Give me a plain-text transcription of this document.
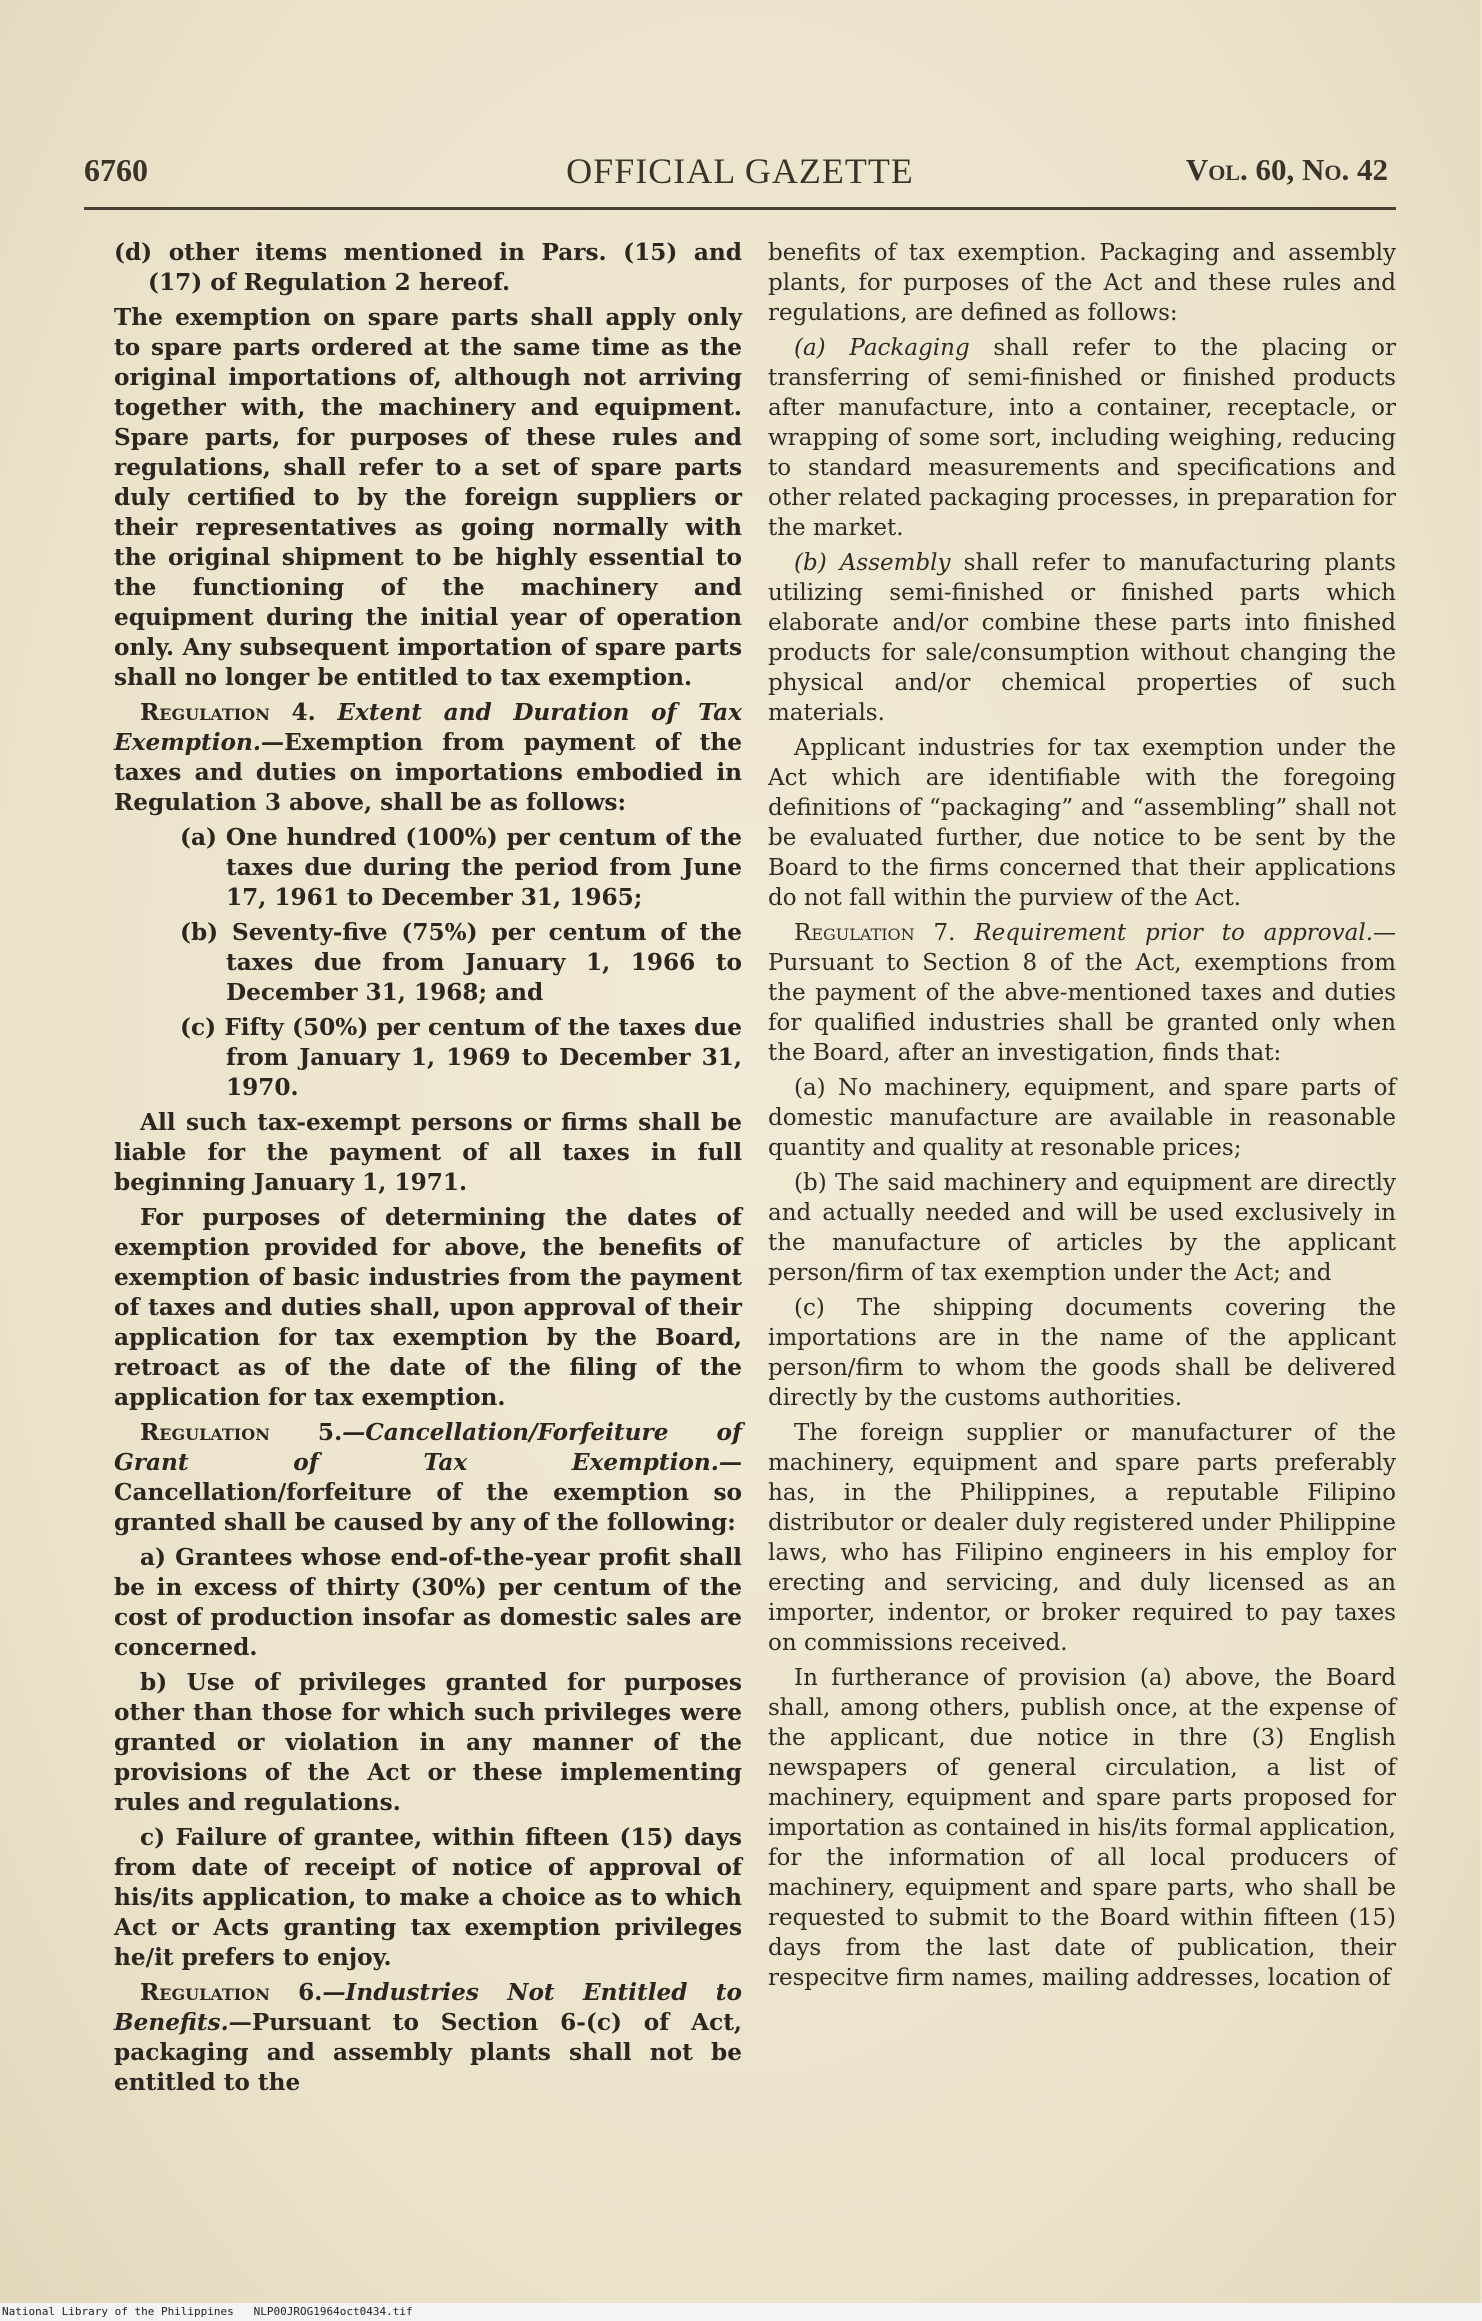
6760	OFFICIAL GAZETTE	Vol. 60, No. 42

(d) other items mentioned in Pars. (15) and (17) of Regulation 2 hereof.

The exemption on spare parts shall apply only to spare parts ordered at the same time as the original importations of, although not arriving together with, the machinery and equipment. Spare parts, for purposes of these rules and regulations, shall refer to a set of spare parts duly certified to by the foreign suppliers or their representatives as going normally with the original shipment to be highly essential to the functioning of the machinery and equipment during the initial year of operation only. Any subsequent importation of spare parts shall no longer be entitled to tax exemption.

Regulation 4. Extent and Duration of Tax Exemption.—Exemption from payment of the taxes and duties on importations embodied in Regulation 3 above, shall be as follows:

(a) One hundred (100%) per centum of the taxes due during the period from June 17, 1961 to December 31, 1965;

(b) Seventy-five (75%) per centum of the taxes due from January 1, 1966 to December 31, 1968; and

(c) Fifty (50%) per centum of the taxes due from January 1, 1969 to December 31, 1970.

All such tax-exempt persons or firms shall be liable for the payment of all taxes in full beginning January 1, 1971.

For purposes of determining the dates of exemption provided for above, the benefits of exemption of basic industries from the payment of taxes and duties shall, upon approval of their application for tax exemption by the Board, retroact as of the date of the filing of the application for tax exemption.

Regulation 5.—Cancellation/Forfeiture of Grant of Tax Exemption.—Cancellation/forfeiture of the exemption so granted shall be caused by any of the following:

a) Grantees whose end-of-the-year profit shall be in excess of thirty (30%) per centum of the cost of production insofar as domestic sales are concerned.

b) Use of privileges granted for purposes other than those for which such privileges were granted or violation in any manner of the provisions of the Act or these implementing rules and regulations.

c) Failure of grantee, within fifteen (15) days from date of receipt of notice of approval of his/its application, to make a choice as to which Act or Acts granting tax exemption privileges he/it prefers to enjoy.

Regulation 6.—Industries Not Entitled to Benefits.—Pursuant to Section 6-(c) of Act, packaging and assembly plants shall not be entitled to the

benefits of tax exemption. Packaging and assembly plants, for purposes of the Act and these rules and regulations, are defined as follows:

(a) Packaging shall refer to the placing or transferring of semi-finished or finished products after manufacture, into a container, receptacle, or wrapping of some sort, including weighing, reducing to standard measurements and specifications and other related packaging processes, in preparation for the market.

(b) Assembly shall refer to manufacturing plants utilizing semi-finished or finished parts which elaborate and/or combine these parts into finished products for sale/consumption without changing the physical and/or chemical properties of such materials.

Applicant industries for tax exemption under the Act which are identifiable with the foregoing definitions of “packaging” and “assembling” shall not be evaluated further, due notice to be sent by the Board to the firms concerned that their applications do not fall within the purview of the Act.

Regulation 7. Requirement prior to approval.—Pursuant to Section 8 of the Act, exemptions from the payment of the abve-mentioned taxes and duties for qualified industries shall be granted only when the Board, after an investigation, finds that:

(a) No machinery, equipment, and spare parts of domestic manufacture are available in reasonable quantity and quality at resonable prices;

(b) The said machinery and equipment are directly and actually needed and will be used exclusively in the manufacture of articles by the applicant person/firm of tax exemption under the Act; and

(c) The shipping documents covering the importations are in the name of the applicant person/firm to whom the goods shall be delivered directly by the customs authorities.

The foreign supplier or manufacturer of the machinery, equipment and spare parts preferably has, in the Philippines, a reputable Filipino distributor or dealer duly registered under Philippine laws, who has Filipino engineers in his employ for erecting and servicing, and duly licensed as an importer, indentor, or broker required to pay taxes on commissions received.

In furtherance of provision (a) above, the Board shall, among others, publish once, at the expense of the applicant, due notice in thre (3) English newspapers of general circulation, a list of machinery, equipment and spare parts proposed for importation as contained in his/its formal application, for the information of all local producers of machinery, equipment and spare parts, who shall be requested to submit to the Board within fifteen (15) days from the last date of publication, their respecitve firm names, mailing addresses, location of

National Library of the Philippines NLP00JROG1964oct0434.tif
